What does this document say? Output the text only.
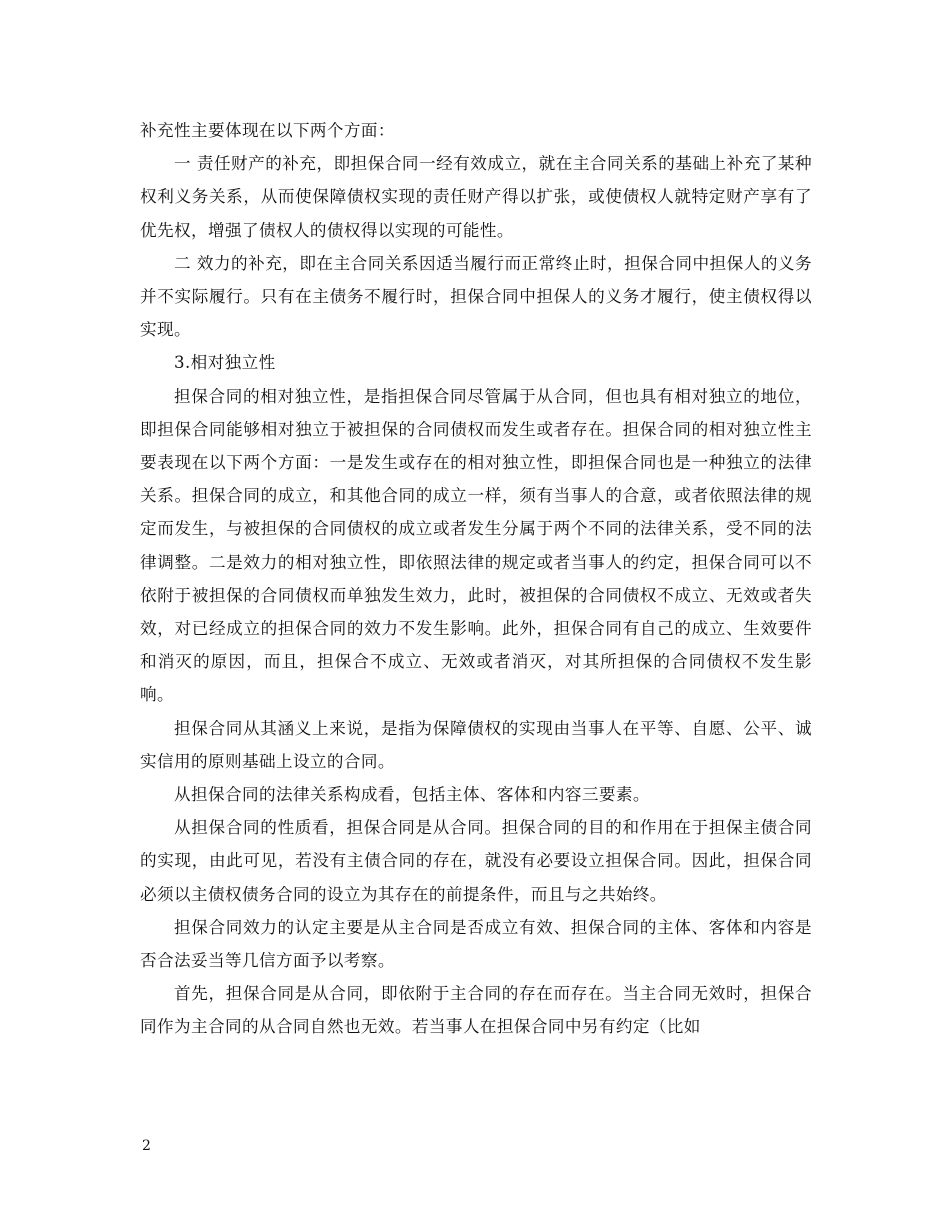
补充性主要体现在以下两个方面：

一 责任财产的补充，即担保合同一经有效成立，就在主合同关系的基础上补充了某种权利义务关系，从而使保障债权实现的责任财产得以扩张，或使债权人就特定财产享有了优先权，增强了债权人的债权得以实现的可能性。

二 效力的补充，即在主合同关系因适当履行而正常终止时，担保合同中担保人的义务并不实际履行。只有在主债务不履行时，担保合同中担保人的义务才履行，使主债权得以实现。

3.相对独立性

担保合同的相对独立性，是指担保合同尽管属于从合同，但也具有相对独立的地位，即担保合同能够相对独立于被担保的合同债权而发生或者存在。担保合同的相对独立性主要表现在以下两个方面：一是发生或存在的相对独立性，即担保合同也是一种独立的法律关系。担保合同的成立，和其他合同的成立一样，须有当事人的合意，或者依照法律的规定而发生，与被担保的合同债权的成立或者发生分属于两个不同的法律关系，受不同的法律调整。二是效力的相对独立性，即依照法律的规定或者当事人的约定，担保合同可以不依附于被担保的合同债权而单独发生效力，此时，被担保的合同债权不成立、无效或者失效，对已经成立的担保合同的效力不发生影响。此外，担保合同有自己的成立、生效要件和消灭的原因，而且，担保合不成立、无效或者消灭，对其所担保的合同债权不发生影响。

担保合同从其涵义上来说，是指为保障债权的实现由当事人在平等、自愿、公平、诚实信用的原则基础上设立的合同。

从担保合同的法律关系构成看，包括主体、客体和内容三要素。

从担保合同的性质看，担保合同是从合同。担保合同的目的和作用在于担保主债合同的实现，由此可见，若没有主债合同的存在，就没有必要设立担保合同。因此，担保合同必须以主债权债务合同的设立为其存在的前提条件，而且与之共始终。

担保合同效力的认定主要是从主合同是否成立有效、担保合同的主体、客体和内容是否合法妥当等几信方面予以考察。

首先，担保合同是从合同，即依附于主合同的存在而存在。当主合同无效时，担保合同作为主合同的从合同自然也无效。若当事人在担保合同中另有约定（比如

2
